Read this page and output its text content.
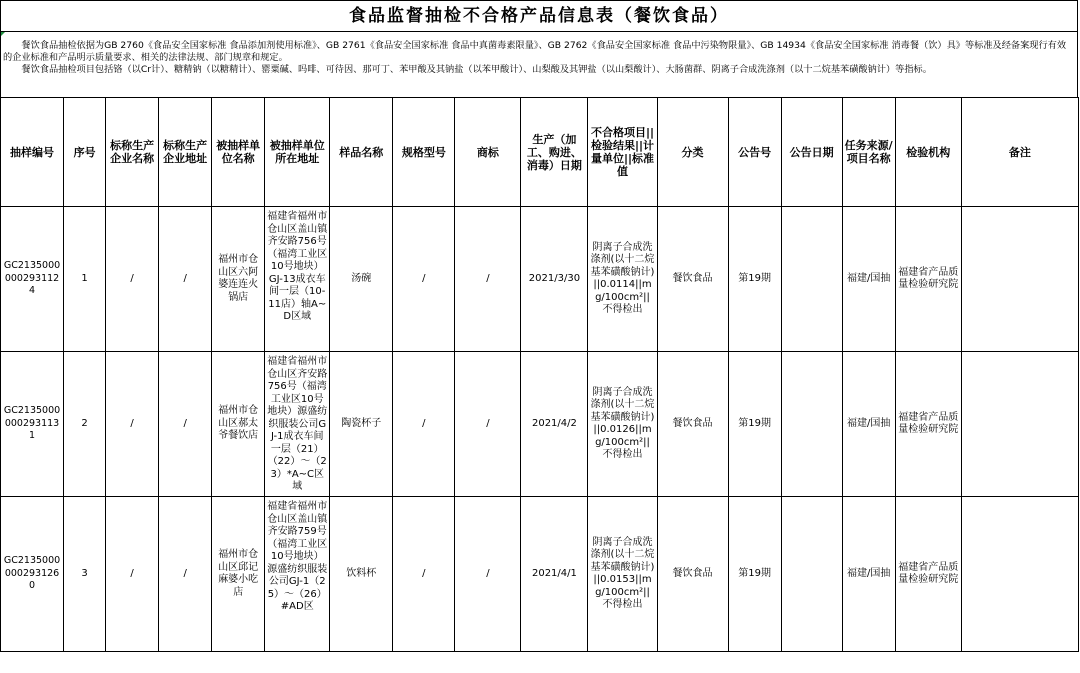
食品监督抽检不合格产品信息表（餐饮食品）

餐饮食品抽检依据为GB 2760《食品安全国家标准 食品添加剂使用标准》、GB 2761《食品安全国家标准 食品中真菌毒素限量》、GB 2762《食品安全国家标准 食品中污染物限量》、GB 14934《食品安全国家标准 消毒餐（饮）具》等标准及经备案现行有效的企业标准和产品明示质量要求、相关的法律法规、部门规章和规定。

餐饮食品抽检项目包括铬（以Cr计）、糖精钠（以糖精计）、罂粟碱、吗啡、可待因、那可丁、苯甲酸及其钠盐（以苯甲酸计）、山梨酸及其钾盐（以山梨酸计）、大肠菌群、阴离子合成洗涤剂（以十二烷基苯磺酸钠计）等指标。

抽样编号	序号	标称生产企业名称	标称生产企业地址	被抽样单位名称	被抽样单位所在地址	样品名称	规格型号	商标	生产（加工、购进、消毒）日期	不合格项目||检验结果||计量单位||标准值	分类	公告号	公告日期	任务来源/项目名称	检验机构	备注
GC21350000002931124	1	/	/	福州市仓山区六阿婆连连火锅店	福建省福州市仓山区盖山镇齐安路756号（福湾工业区10号地块）GJ-13成衣车间一层（10-11店）轴A~D区域	汤碗	/	/	2021/3/30	阴离子合成洗涤剂(以十二烷基苯磺酸钠计)||0.0114||mg/100cm²||不得检出	餐饮食品	第19期		福建/国抽	福建省产品质量检验研究院	
GC21350000002931131	2	/	/	福州市仓山区郝太爷餐饮店	福建省福州市仓山区齐安路756号（福湾工业区10号地块）源盛纺织服装公司GJ-1成衣车间一层（21）（22）～（23）*A~C区域	陶瓷杯子	/	/	2021/4/2	阴离子合成洗涤剂(以十二烷基苯磺酸钠计)||0.0126||mg/100cm²||不得检出	餐饮食品	第19期		福建/国抽	福建省产品质量检验研究院	
GC21350000002931260	3	/	/	福州市仓山区邱记麻婆小吃店	福建省福州市仓山区盖山镇齐安路759号（福湾工业区10号地块）源盛纺织服装公司GJ-1（25）～（26）#AD区	饮料杯	/	/	2021/4/1	阴离子合成洗涤剂(以十二烷基苯磺酸钠计)||0.0153||mg/100cm²||不得检出	餐饮食品	第19期		福建/国抽	福建省产品质量检验研究院	
